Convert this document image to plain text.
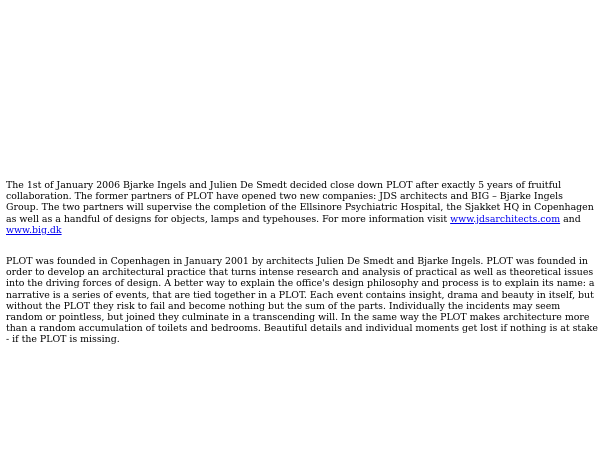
The 1st of January 2006 Bjarke Ingels and Julien De Smedt decided close down PLOT after exactly 5 years of fruitful collaboration. The former partners of PLOT have opened two new companies: JDS architects and BIG – Bjarke Ingels Group. The two partners will supervise the completion of the Ellsinore Psychiatric Hospital, the Sjakket HQ in Copenhagen as well as a handful of designs for objects, lamps and typehouses. For more information visit www.jdsarchitects.com and www.big.dk

PLOT was founded in Copenhagen in January 2001 by architects Julien De Smedt and Bjarke Ingels. PLOT was founded in order to develop an architectural practice that turns intense research and analysis of practical as well as theoretical issues into the driving forces of design. A better way to explain the office's design philosophy and process is to explain its name: a narrative is a series of events, that are tied together in a PLOT. Each event contains insight, drama and beauty in itself, but without the PLOT they risk to fail and become nothing but the sum of the parts. Individually the incidents may seem random or pointless, but joined they culminate in a transcending will. In the same way the PLOT makes architecture more than a random accumulation of toilets and bedrooms. Beautiful details and individual moments get lost if nothing is at stake - if the PLOT is missing.
